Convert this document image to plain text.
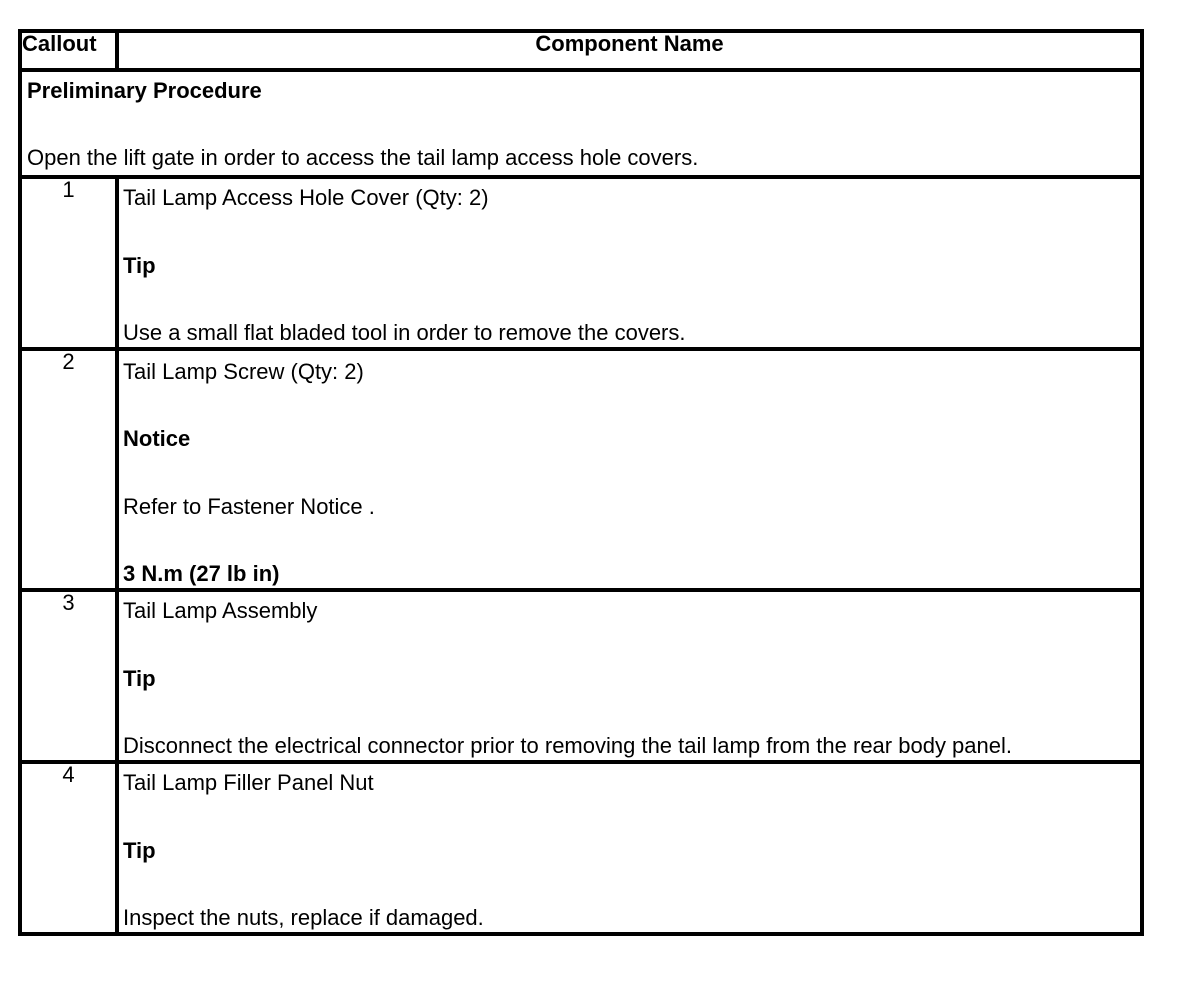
Callout	Component Name

Preliminary Procedure
Open the lift gate in order to access the tail lamp access hole covers.	

1	Tail Lamp Access Hole Cover (Qty: 2)
Tip
Use a small flat bladed tool in order to remove the covers.

2	Tail Lamp Screw (Qty: 2)
Notice
Refer to Fastener Notice .
3 N.m (27 lb in)

3	Tail Lamp Assembly
Tip
Disconnect the electrical connector prior to removing the tail lamp from the rear body panel.

4	Tail Lamp Filler Panel Nut
Tip
Inspect the nuts, replace if damaged.
